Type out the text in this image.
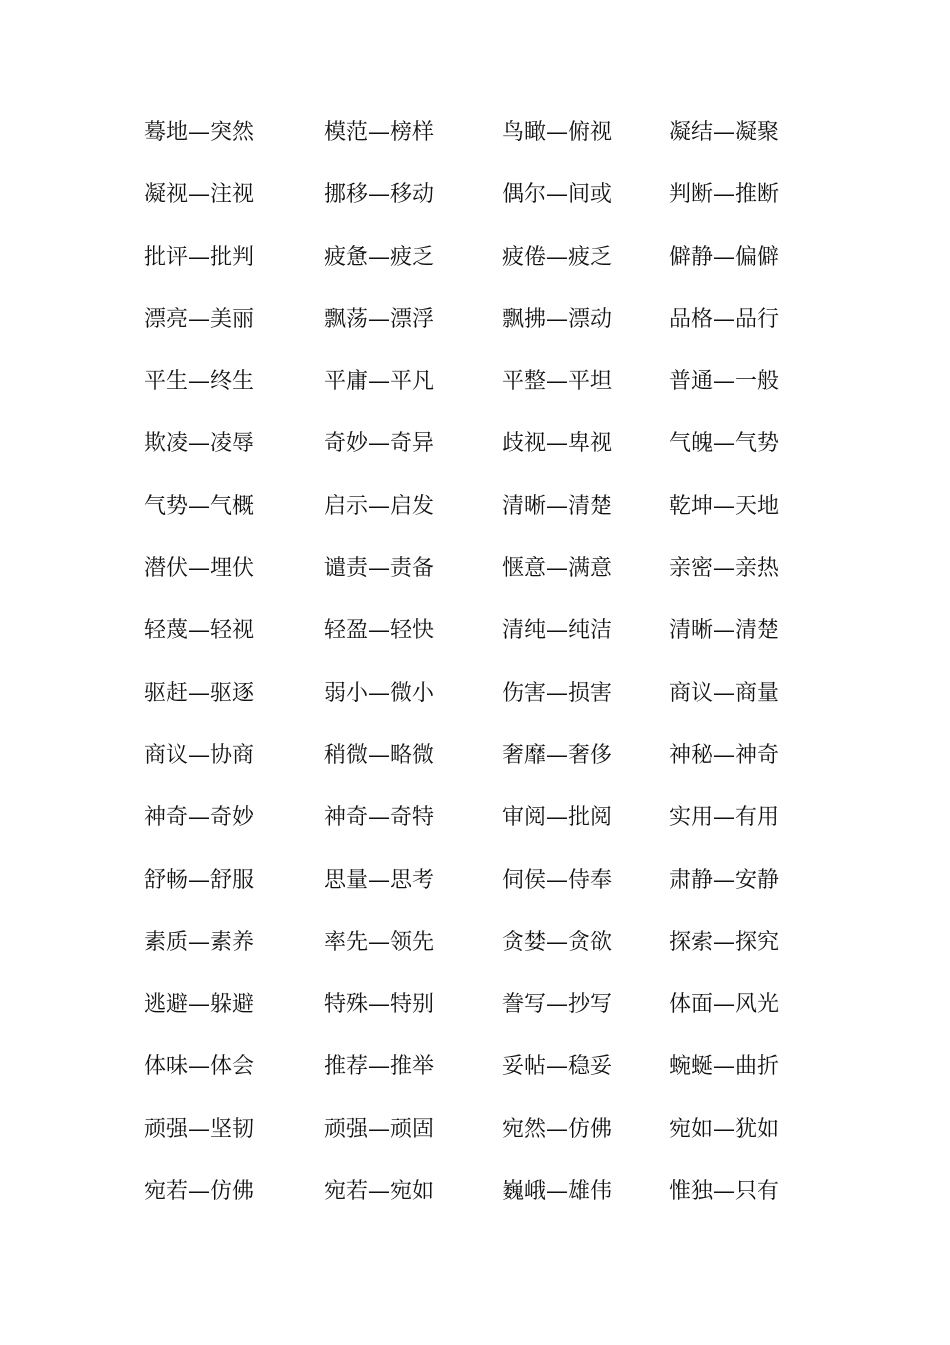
蓦地—突然	模范—榜样	鸟瞰—俯视	凝结—凝聚
凝视—注视	挪移—移动	偶尔—间或	判断—推断
批评—批判	疲惫—疲乏	疲倦—疲乏	僻静—偏僻
漂亮—美丽	飘荡—漂浮	飘拂—漂动	品格—品行
平生—终生	平庸—平凡	平整—平坦	普通—一般
欺凌—凌辱	奇妙—奇异	歧视—卑视	气魄—气势
气势—气概	启示—启发	清晰—清楚	乾坤—天地
潜伏—埋伏	谴责—责备	惬意—满意	亲密—亲热
轻蔑—轻视	轻盈—轻快	清纯—纯洁	清晰—清楚
驱赶—驱逐	弱小—微小	伤害—损害	商议—商量
商议—协商	稍微—略微	奢靡—奢侈	神秘—神奇
神奇—奇妙	神奇—奇特	审阅—批阅	实用—有用
舒畅—舒服	思量—思考	伺侯—侍奉	肃静—安静
素质—素养	率先—领先	贪婪—贪欲	探索—探究
逃避—躲避	特殊—特别	誊写—抄写	体面—风光
体味—体会	推荐—推举	妥帖—稳妥	蜿蜒—曲折
顽强—坚韧	顽强—顽固	宛然—仿佛	宛如—犹如
宛若—仿佛	宛若—宛如	巍峨—雄伟	惟独—只有
